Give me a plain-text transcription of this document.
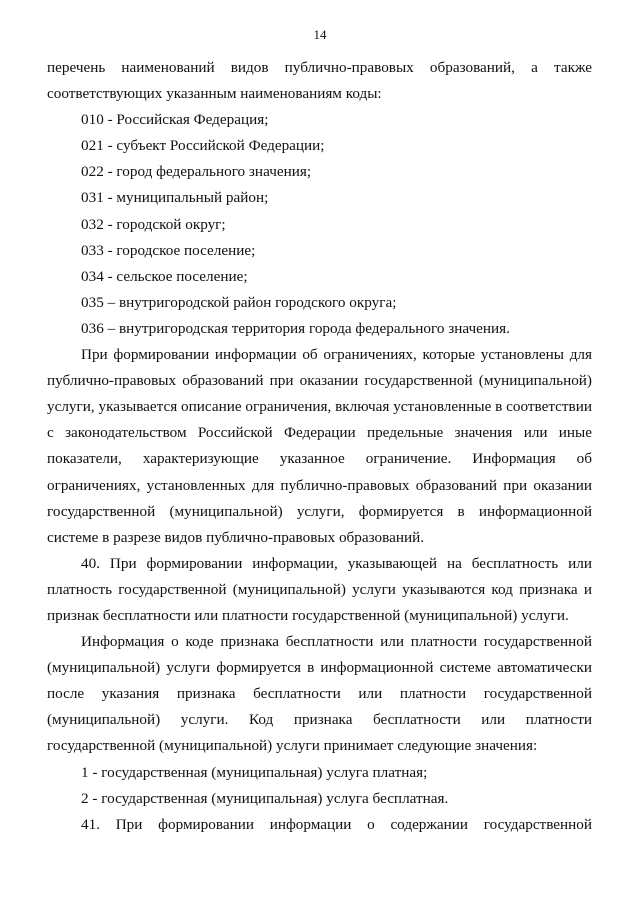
14

перечень наименований видов публично-правовых образований, а также соответствующих указанным наименованиям коды:

010 - Российская Федерация;

021 - субъект Российской Федерации;

022 - город федерального значения;

031 - муниципальный район;

032 - городской округ;

033 - городское поселение;

034 - сельское поселение;

035 – внутригородской район городского округа;

036 – внутригородская территория города федерального значения.

При формировании информации об ограничениях, которые установлены для публично-правовых образований при оказании государственной (муниципальной) услуги, указывается описание ограничения, включая установленные в соответствии с законодательством Российской Федерации предельные значения или иные показатели, характеризующие указанное ограничение. Информация об ограничениях, установленных для публично-правовых образований при оказании государственной (муниципальной) услуги, формируется в информационной системе в разрезе видов публично-правовых образований.

40. При формировании информации, указывающей на бесплатность или платность государственной (муниципальной) услуги указываются код признака и признак бесплатности или платности государственной (муниципальной) услуги.

Информация о коде признака бесплатности или платности государственной (муниципальной) услуги формируется в информационной системе автоматически после указания признака бесплатности или платности государственной (муниципальной) услуги. Код признака бесплатности или платности государственной (муниципальной) услуги принимает следующие значения:

1 - государственная (муниципальная) услуга платная;

2 - государственная (муниципальная) услуга бесплатная.

41. При формировании информации о содержании государственной
